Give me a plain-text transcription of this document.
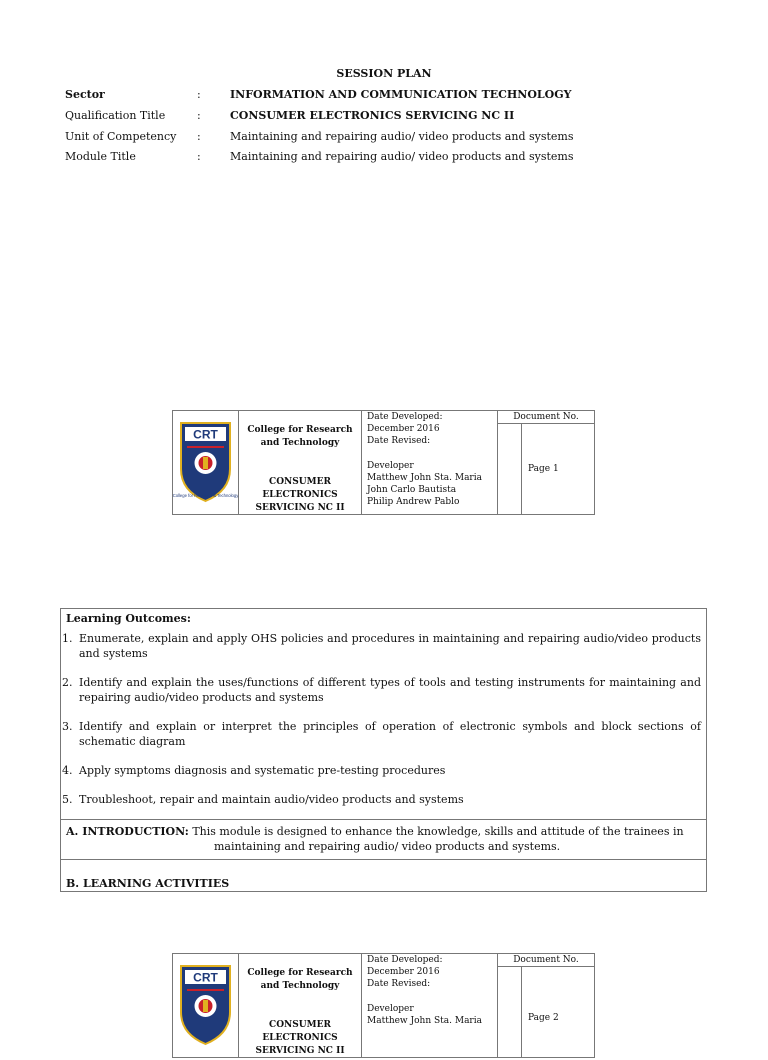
SESSION PLAN
Sector	:	INFORMATION AND COMMUNICATION TECHNOLOGY
Qualification Title	:	CONSUMER ELECTRONICS SERVICING NC II
Unit of Competency :	Maintaining and repairing audio/ video products and systems
Module Title	:	Maintaining and repairing audio/ video products and systems
CRT
College for Research & Technology
College for Research and Technology
CONSUMER ELECTRONICS SERVICING NC II
Date Developed:
December 2016
Date Revised:
Developer
Matthew John Sta. Maria
John Carlo Bautista
Philip Andrew Pablo
Document No.
Page 1
Learning Outcomes:
1. Enumerate, explain and apply OHS policies and procedures in maintaining and repairing audio/video products and systems
2. Identify and explain the uses/functions of different types of tools and testing instruments for maintaining and repairing audio/video products and systems
3. Identify and explain or interpret the principles of operation of electronic symbols and block sections of schematic diagram
4. Apply symptoms diagnosis and systematic pre-testing procedures
5. Troubleshoot, repair and maintain audio/video products and systems
A. INTRODUCTION: This module is designed to enhance the knowledge, skills and attitude of the trainees in
maintaining and repairing audio/ video products and systems.
B. LEARNING ACTIVITIES
CRT	College for Research and Technology
CONSUMER ELECTRONICS SERVICING NC II
Date Developed:
December 2016
Date Revised:
Developer
Matthew John Sta. Maria
Document No.
Page 2
